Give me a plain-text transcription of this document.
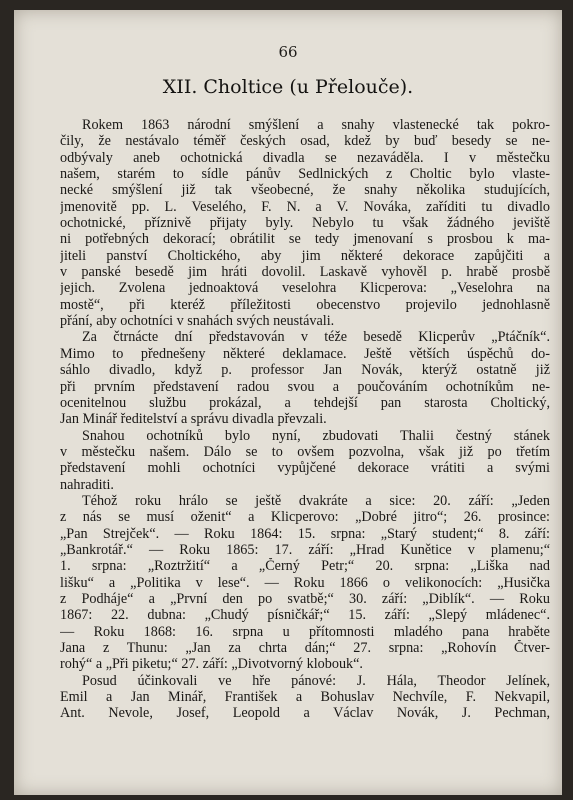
66
XII. Choltice (u Přelouče).
Rokem 1863 národní smýšlení a snahy vlastenecké tak pokro-
čily, že nestávalo téměř českých osad, kdež by buď besedy se ne-
odbývaly aneb ochotnická divadla se nezaváděla. I v městečku
našem, starém to sídle pánův Sedlnických z Choltic bylo vlaste-
necké smýšlení již tak všeobecné, že snahy několika studujících,
jmenovitě pp. L. Veselého, F. N. a V. Nováka, zaříditi tu divadlo
ochotnické, příznivě přijaty byly. Nebylo tu však žádného jeviště
ni potřebných dekorací; obrátilit se tedy jmenovaní s prosbou k ma-
jiteli panství Choltického, aby jim některé dekorace zapůjčiti a
v panské besedě jim hráti dovolil. Laskavě vyhověl p. hrabě prosbě
jejich. Zvolena jednoaktová veselohra Klicperova: „Veselohra na
mostě“, při kteréž příležitosti obecenstvo projevilo jednohlasně
přání, aby ochotníci v snahách svých neustávali.
Za čtrnácte dní představován v téže besedě Klicperův „Ptáčník“.
Mimo to přednešeny některé deklamace. Ještě větších úspěchů do-
sáhlo divadlo, když p. professor Jan Novák, kterýž ostatně již
při prvním představení radou svou a poučováním ochotníkům ne-
ocenitelnou službu prokázal, a tehdejší pan starosta Choltický,
Jan Minář ředitelství a správu divadla převzali.
Snahou ochotníků bylo nyní, zbudovati Thalii čestný stánek
v městečku našem. Dálo se to ovšem pozvolna, však již po třetím
představení mohli ochotníci vypůjčené dekorace vrátiti a svými
nahraditi.
Téhož roku hrálo se ještě dvakráte a sice: 20. září: „Jeden
z nás se musí oženit“ a Klicperovo: „Dobré jitro“; 26. prosince:
„Pan Strejček“. — Roku 1864: 15. srpna: „Starý student;“ 8. září:
„Bankrotář.“ — Roku 1865: 17. září: „Hrad Kunětice v plamenu;“
1. srpna: „Roztržití“ a „Černý Petr;“ 20. srpna: „Liška nad
lišku“ a „Politika v lese“. — Roku 1866 o velikonocích: „Husička
z Podháje“ a „První den po svatbě;“ 30. září: „Diblík“. — Roku
1867: 22. dubna: „Chudý písničkář;“ 15. září: „Slepý mládenec“.
— Roku 1868: 16. srpna u přítomnosti mladého pana hraběte
Jana z Thunu: „Jan za chrta dán;“ 27. srpna: „Rohovín Čtver-
rohý“ a „Při piketu;“ 27. září: „Divotvorný klobouk“.
Posud účinkovali ve hře pánové: J. Hála, Theodor Jelínek,
Emil a Jan Minář, František a Bohuslav Nechvíle, F. Nekvapil,
Ant. Nevole, Josef, Leopold a Václav Novák, J. Pechman,
